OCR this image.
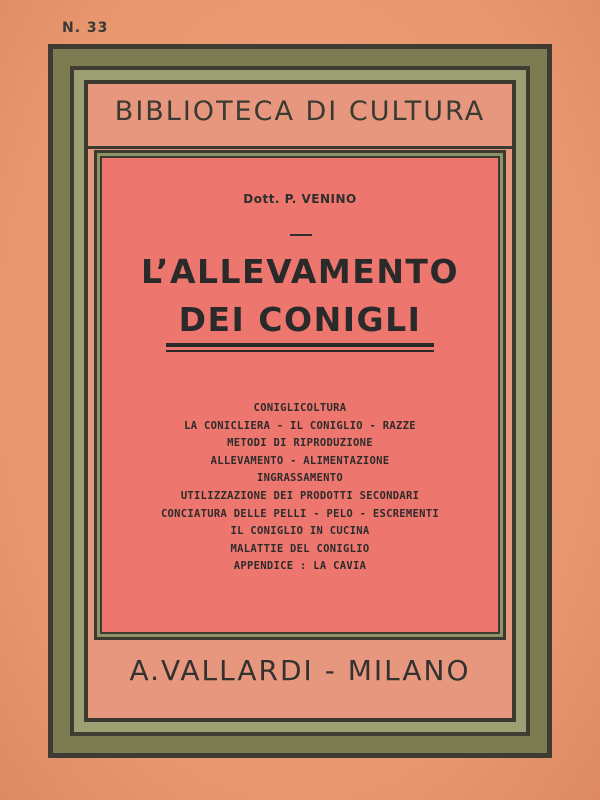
N. 33
BIBLIOTECA DI CULTURA
Dott. P. VENINO
L’ALLEVAMENTO
DEI CONIGLI
CONIGLICOLTURA
LA CONICLIERA - IL CONIGLIO - RAZZE
METODI DI RIPRODUZIONE
ALLEVAMENTO - ALIMENTAZIONE
INGRASSAMENTO
UTILIZZAZIONE DEI PRODOTTI SECONDARI
CONCIATURA DELLE PELLI - PELO - ESCREMENTI
IL CONIGLIO IN CUCINA
MALATTIE DEL CONIGLIO
APPENDICE : LA CAVIA
A.VALLARDI - MILANO
